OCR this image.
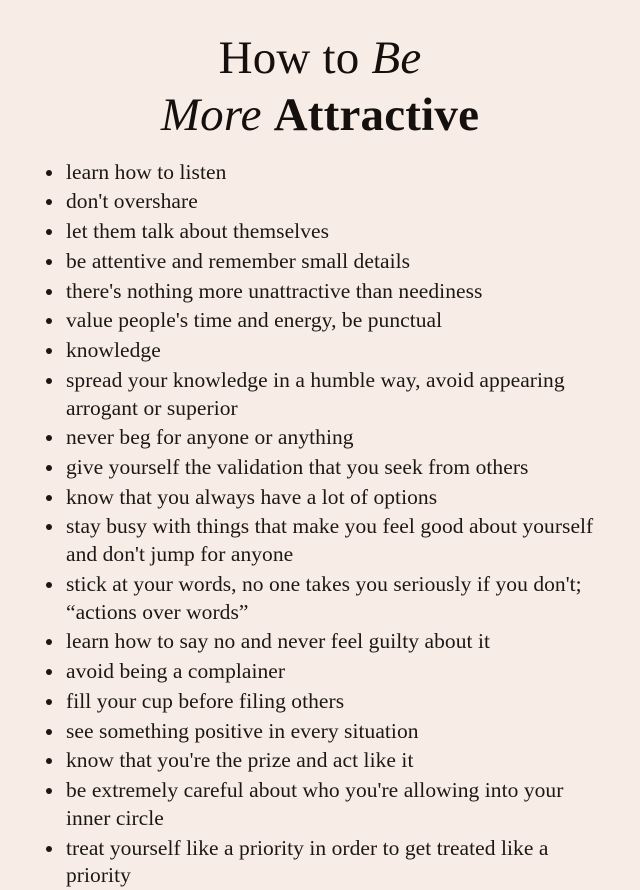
How to Be
More Attractive
learn how to listen
don't overshare
let them talk about themselves
be attentive and remember small details
there's nothing more unattractive than neediness
value people's time and energy, be punctual
knowledge
spread your knowledge in a humble way, avoid appearing arrogant or superior
never beg for anyone or anything
give yourself the validation that you seek from others
know that you always have a lot of options
stay busy with things that make you feel good about yourself and don't jump for anyone
stick at your words, no one takes you seriously if you don't; “actions over words”
learn how to say no and never feel guilty about it
avoid being a complainer
fill your cup before filing others
see something positive in every situation
know that you're the prize and act like it
be extremely careful about who you're allowing into your inner circle
treat yourself like a priority in order to get treated like a priority
